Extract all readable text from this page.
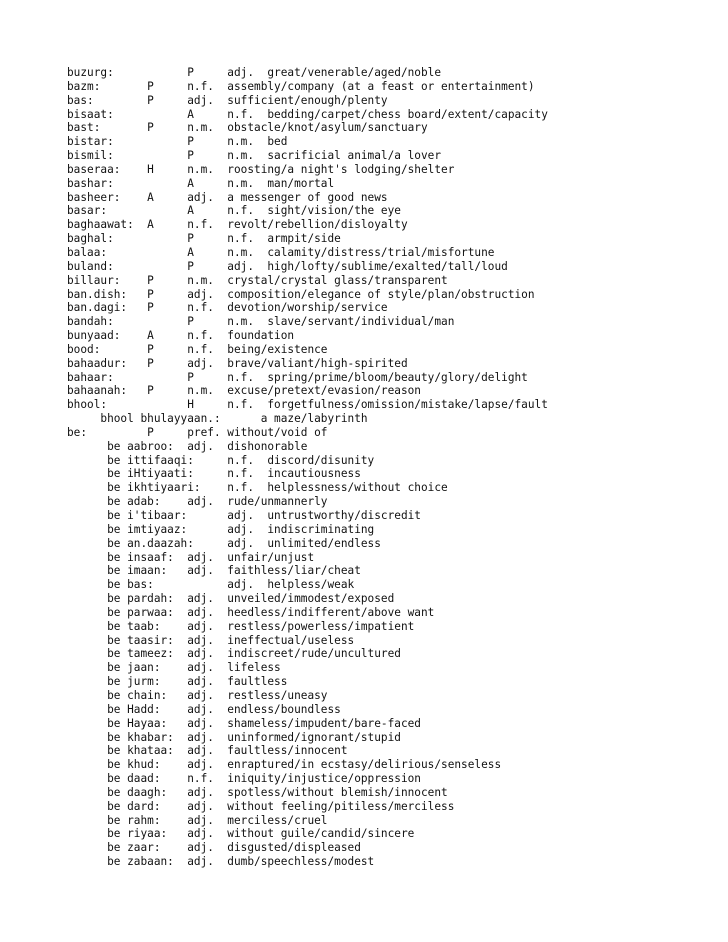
buzurg:           P     adj.  great/venerable/aged/noble
bazm:       P     n.f.  assembly/company (at a feast or entertainment)
bas:        P     adj.  sufficient/enough/plenty
bisaat:           A     n.f.  bedding/carpet/chess board/extent/capacity
bast:       P     n.m.  obstacle/knot/asylum/sanctuary
bistar:           P     n.m.  bed
bismil:           P     n.m.  sacrificial animal/a lover
baseraa:    H     n.m.  roosting/a night's lodging/shelter
bashar:           A     n.m.  man/mortal
basheer:    A     adj.  a messenger of good news
basar:            A     n.f.  sight/vision/the eye
baghaawat:  A     n.f.  revolt/rebellion/disloyalty
baghal:           P     n.f.  armpit/side
balaa:            A     n.m.  calamity/distress/trial/misfortune
buland:           P     adj.  high/lofty/sublime/exalted/tall/loud
billaur:    P     n.m.  crystal/crystal glass/transparent
ban.dish:   P     adj.  composition/elegance of style/plan/obstruction
ban.dagi:   P     n.f.  devotion/worship/service
bandah:           P     n.m.  slave/servant/individual/man
bunyaad:    A     n.f.  foundation
bood:       P     n.f.  being/existence
bahaadur:   P     adj.  brave/valiant/high-spirited
bahaar:           P     n.f.  spring/prime/bloom/beauty/glory/delight
bahaanah:   P     n.m.  excuse/pretext/evasion/reason
bhool:            H     n.f.  forgetfulness/omission/mistake/lapse/fault
bhool bhulayyaan.:      a maze/labyrinth
be:         P     pref. without/void of
be aabroo:  adj.  dishonorable
be ittifaaqi:     n.f.  discord/disunity
be iHtiyaati:     n.f.  incautiousness
be ikhtiyaari:    n.f.  helplessness/without choice
be adab:    adj.  rude/unmannerly
be i'tibaar:      adj.  untrustworthy/discredit
be imtiyaaz:      adj.  indiscriminating
be an.daazah:     adj.  unlimited/endless
be insaaf:  adj.  unfair/unjust
be imaan:   adj.  faithless/liar/cheat
be bas:           adj.  helpless/weak
be pardah:  adj.  unveiled/immodest/exposed
be parwaa:  adj.  heedless/indifferent/above want
be taab:    adj.  restless/powerless/impatient
be taasir:  adj.  ineffectual/useless
be tameez:  adj.  indiscreet/rude/uncultured
be jaan:    adj.  lifeless
be jurm:    adj.  faultless
be chain:   adj.  restless/uneasy
be Hadd:    adj.  endless/boundless
be Hayaa:   adj.  shameless/impudent/bare-faced
be khabar:  adj.  uninformed/ignorant/stupid
be khataa:  adj.  faultless/innocent
be khud:    adj.  enraptured/in ecstasy/delirious/senseless
be daad:    n.f.  iniquity/injustice/oppression
be daagh:   adj.  spotless/without blemish/innocent
be dard:    adj.  without feeling/pitiless/merciless
be rahm:    adj.  merciless/cruel
be riyaa:   adj.  without guile/candid/sincere
be zaar:    adj.  disgusted/displeased
be zabaan:  adj.  dumb/speechless/modest
